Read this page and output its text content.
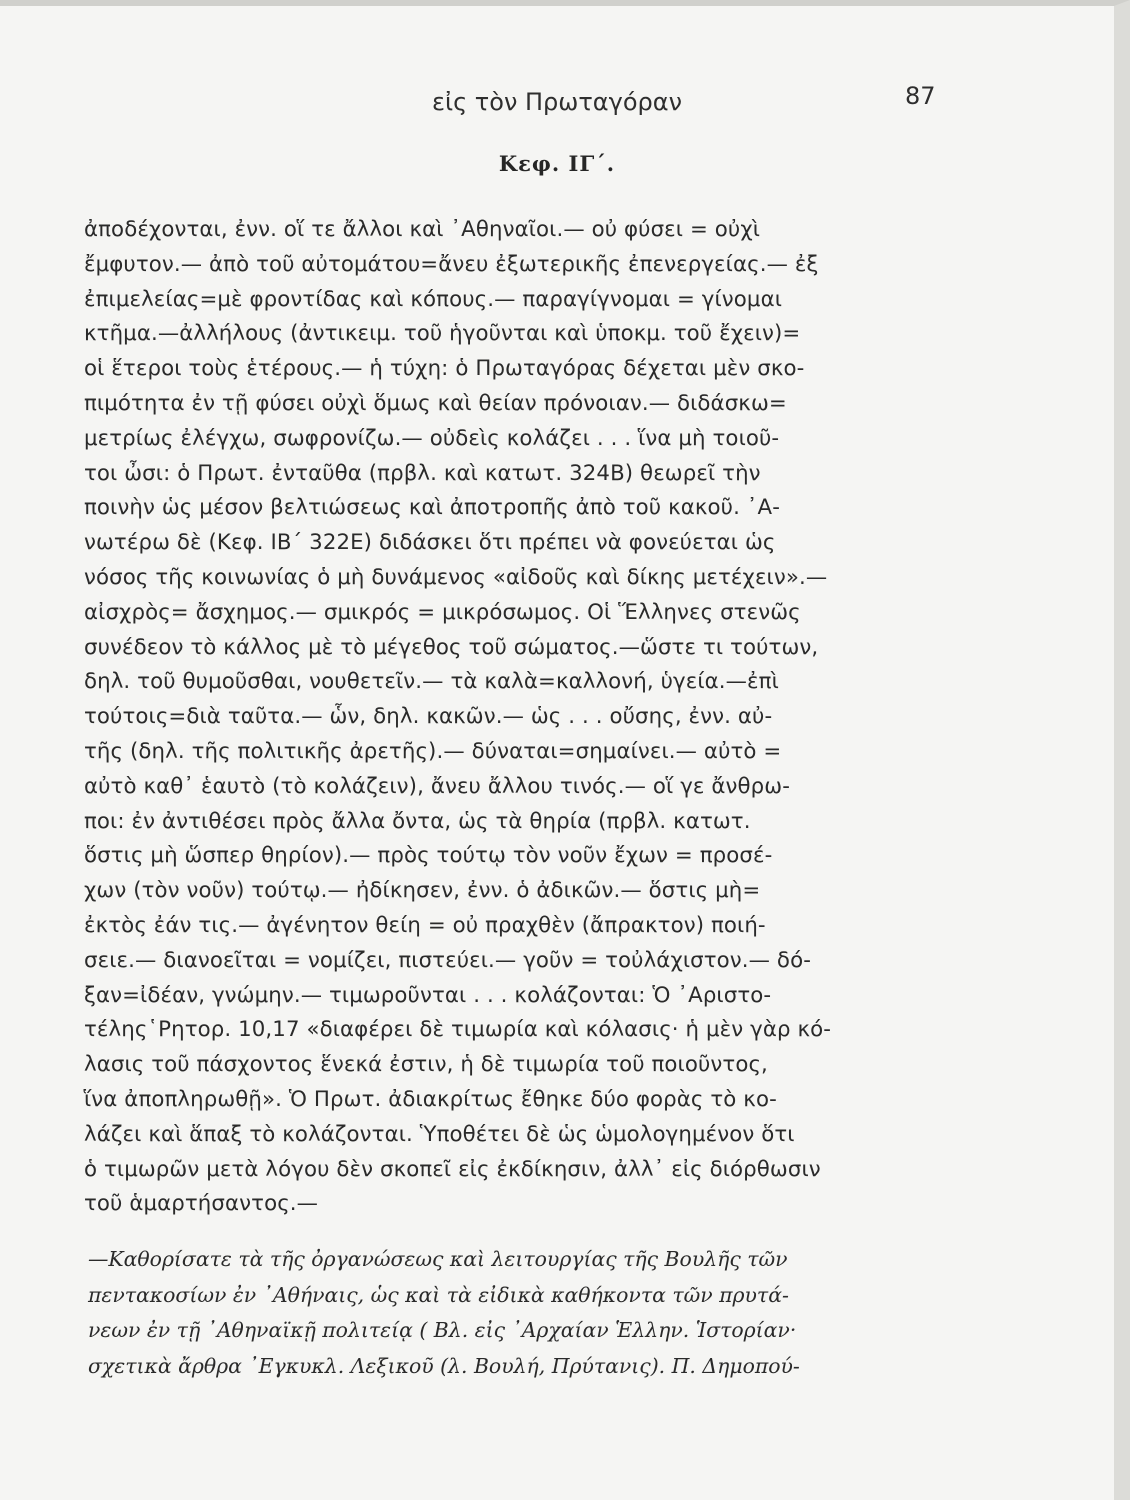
εἰς τὸν Πρωταγόραν	87
Κεφ. ΙΓ΄.
ἀποδέχονται, ἐνν. οἵ τε ἄλλοι καὶ ᾿Αθηναῖοι.— οὐ φύσει = οὐχὶ
ἔμφυτον.— ἀπὸ τοῦ αὐτομάτου=ἄνευ ἐξωτερικῆς ἐπενεργείας.— ἐξ
ἐπιμελείας=μὲ φροντίδας καὶ κόπους.— παραγίγνομαι = γίνομαι
κτῆμα.—ἀλλήλους (ἀντικειμ. τοῦ ἡγοῦνται καὶ ὑποκμ. τοῦ ἔχειν)=
οἱ ἕτεροι τοὺς ἑτέρους.— ἡ τύχη: ὁ Πρωταγόρας δέχεται μὲν σκο-
πιμότητα ἐν τῇ φύσει οὐχὶ ὅμως καὶ θείαν πρόνοιαν.— διδάσκω=
μετρίως ἐλέγχω, σωφρονίζω.— οὐδεὶς κολάζει . . . ἵνα μὴ τοιοῦ-
τοι ὦσι: ὁ Πρωτ. ἐνταῦθα (πρβλ. καὶ κατωτ. 324Β) θεωρεῖ τὴν
ποινὴν ὡς μέσον βελτιώσεως καὶ ἀποτροπῆς ἀπὸ τοῦ κακοῦ. ᾿Α-
νωτέρω δὲ (Κεφ. ΙΒ΄ 322Ε) διδάσκει ὅτι πρέπει νὰ φονεύεται ὡς
νόσος τῆς κοινωνίας ὁ μὴ δυνάμενος «αἰδοῦς καὶ δίκης μετέχειν».—
αἰσχρὸς= ἄσχημος.— σμικρός = μικρόσωμος. Οἱ Ἕλληνες στενῶς
συνέδεον τὸ κάλλος μὲ τὸ μέγεθος τοῦ σώματος.—ὥστε τι τούτων,
δηλ. τοῦ θυμοῦσθαι, νουθετεῖν.— τὰ καλὰ=καλλονή, ὑγεία.—ἐπὶ
τούτοις=διὰ ταῦτα.— ὧν, δηλ. κακῶν.— ὡς . . . οὔσης, ἐνν. αὐ-
τῆς (δηλ. τῆς πολιτικῆς ἀρετῆς).— δύναται=σημαίνει.— αὐτὸ =
αὐτὸ καθ᾿ ἑαυτὸ (τὸ κολάζειν), ἄνευ ἄλλου τινός.— οἵ γε ἄνθρω-
ποι: ἐν ἀντιθέσει πρὸς ἄλλα ὄντα, ὡς τὰ θηρία (πρβλ. κατωτ.
ὅστις μὴ ὥσπερ θηρίον).— πρὸς τούτῳ τὸν νοῦν ἔχων = προσέ-
χων (τὸν νοῦν) τούτῳ.— ἠδίκησεν, ἐνν. ὁ ἀδικῶν.— ὅστις μὴ=
ἐκτὸς ἐάν τις.— ἀγένητον θείη = οὐ πραχθὲν (ἄπρακτον) ποιή-
σειε.— διανοεῖται = νομίζει, πιστεύει.— γοῦν = τοὐλάχιστον.— δό-
ξαν=ἰδέαν, γνώμην.— τιμωροῦνται . . . κολάζονται: Ὁ ᾿Αριστο-
τέλης῾Ρητορ. 10,17 «διαφέρει δὲ τιμωρία καὶ κόλασις· ἡ μὲν γὰρ κό-
λασις τοῦ πάσχοντος ἕνεκά ἐστιν, ἡ δὲ τιμωρία τοῦ ποιοῦντος,
ἵνα ἀποπληρωθῇ». Ὁ Πρωτ. ἀδιακρίτως ἔθηκε δύο φορὰς τὸ κο-
λάζει καὶ ἅπαξ τὸ κολάζονται. Ὑποθέτει δὲ ὡς ὡμολογημένον ὅτι
ὁ τιμωρῶν μετὰ λόγου δὲν σκοπεῖ εἰς ἐκδίκησιν, ἀλλ᾿ εἰς διόρθωσιν
τοῦ ἁμαρτήσαντος.—
—Καθορίσατε τὰ τῆς ὀργανώσεως καὶ λειτουργίας τῆς Βουλῆς τῶν
πεντακοσίων ἐν ᾿Αθήναις, ὡς καὶ τὰ εἰδικὰ καθήκοντα τῶν πρυτά-
νεων ἐν τῇ ᾿Αθηναϊκῇ πολιτείᾳ ( Βλ. εἰς ᾿Αρχαίαν Ἑλλην. Ἱστορίαν·
σχετικὰ ἄρθρα ᾿Εγκυκλ. Λεξικοῦ (λ. Βουλή, Πρύτανις). Π. Δημοπού-
